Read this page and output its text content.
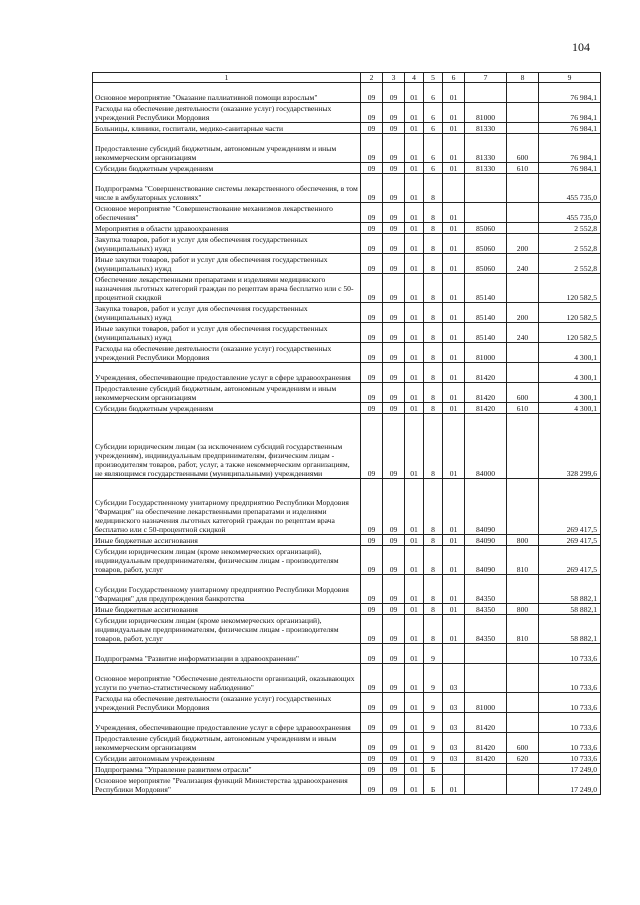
104
1	2	3	4	5	6	7	8	9
Основное мероприятие "Оказание паллиативной помощи взрослым"	09	09	01	6	01			76 984,1
Расходы на обеспечение деятельности (оказание услуг) государственных учреждений Республики Мордовия	09	09	01	6	01	81000		76 984,1
Больницы, клиники, госпитали, медико-санитарные части	09	09	01	6	01	81330		76 984,1
Предоставление субсидий бюджетным, автономным учреждениям и иным некоммерческим организациям	09	09	01	6	01	81330	600	76 984,1
Субсидии бюджетным учреждениям	09	09	01	6	01	81330	610	76 984,1
Подпрограмма "Совершенствование системы лекарственного обеспечения, в том числе в амбулаторных условиях"	09	09	01	8				455 735,0
Основное мероприятие "Совершенствование механизмов лекарственного обеспечения"	09	09	01	8	01			455 735,0
Мероприятия в области здравоохранения	09	09	01	8	01	85060		2 552,8
Закупка товаров, работ и услуг для обеспечения государственных (муниципальных) нужд	09	09	01	8	01	85060	200	2 552,8
Иные закупки товаров, работ и услуг для обеспечения государственных (муниципальных) нужд	09	09	01	8	01	85060	240	2 552,8
Обеспечение лекарственными препаратами и изделиями медицинского назначения льготных категорий граждан по рецептам врача бесплатно или с 50-процентной скидкой	09	09	01	8	01	85140		120 582,5
Закупка товаров, работ и услуг для обеспечения государственных (муниципальных) нужд	09	09	01	8	01	85140	200	120 582,5
Иные закупки товаров, работ и услуг для обеспечения государственных (муниципальных) нужд	09	09	01	8	01	85140	240	120 582,5
Расходы на обеспечение деятельности (оказание услуг) государственных учреждений Республики Мордовия	09	09	01	8	01	81000		4 300,1
Учреждения, обеспечивающие предоставление услуг в сфере здравоохранения	09	09	01	8	01	81420		4 300,1
Предоставление субсидий бюджетным, автономным учреждениям и иным некоммерческим организациям	09	09	01	8	01	81420	600	4 300,1
Субсидии бюджетным учреждениям	09	09	01	8	01	81420	610	4 300,1
Субсидии юридическим лицам (за исключением субсидий государственным учреждениям), индивидуальным предпринимателям, физическим лицам - производителям товаров, работ, услуг, а также некоммерческим организациям, не являющимся государственными (муниципальными) учреждениями	09	09	01	8	01	84000		328 299,6
Субсидии Государственному унитарному предприятию Республики Мордовия "Фармация" на обеспечение лекарственными препаратами и изделиями медицинского назначения льготных категорий граждан по рецептам врача бесплатно или с 50-процентной скидкой	09	09	01	8	01	84090		269 417,5
Иные бюджетные ассигнования	09	09	01	8	01	84090	800	269 417,5
Субсидии юридическим лицам (кроме некоммерческих организаций), индивидуальным предпринимателям, физическим лицам - производителям товаров, работ, услуг	09	09	01	8	01	84090	810	269 417,5
Субсидии Государственному унитарному предприятию Республики Мордовия "Фармация" для предупреждения банкротства	09	09	01	8	01	84350		58 882,1
Иные бюджетные ассигнования	09	09	01	8	01	84350	800	58 882,1
Субсидии юридическим лицам (кроме некоммерческих организаций), индивидуальным предпринимателям, физическим лицам - производителям товаров, работ, услуг	09	09	01	8	01	84350	810	58 882,1
Подпрограмма "Развитие информатизации в здравоохранении"	09	09	01	9				10 733,6
Основное мероприятие "Обеспечение деятельности организаций, оказывающих услуги по учетно-статистическому наблюдению"	09	09	01	9	03			10 733,6
Расходы на обеспечение деятельности (оказание услуг) государственных учреждений Республики Мордовия	09	09	01	9	03	81000		10 733,6
Учреждения, обеспечивающие предоставление услуг в сфере здравоохранения	09	09	01	9	03	81420		10 733,6
Предоставление субсидий бюджетным, автономным учреждениям и иным некоммерческим организациям	09	09	01	9	03	81420	600	10 733,6
Субсидии автономным учреждениям	09	09	01	9	03	81420	620	10 733,6
Подпрограмма "Управление развитием отрасли"	09	09	01	Б				17 249,0
Основное мероприятие "Реализация функций Министерства здравоохранения Республики Мордовия"	09	09	01	Б	01			17 249,0
